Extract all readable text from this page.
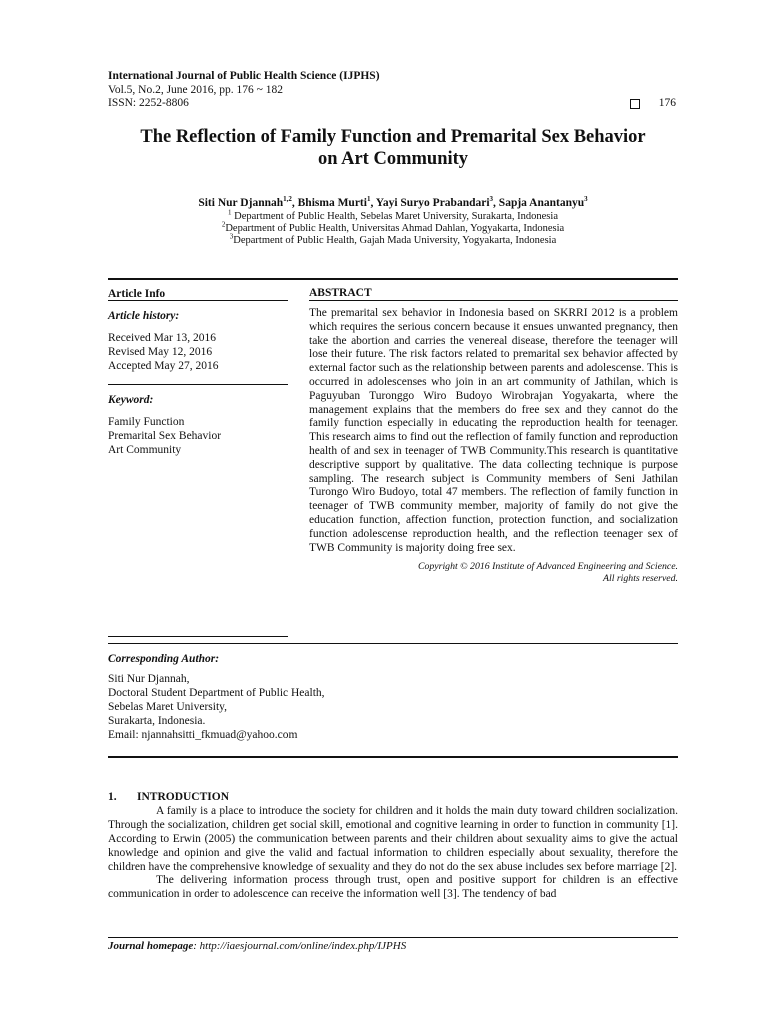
International Journal of Public Health Science (IJPHS)
Vol.5, No.2, June 2016, pp. 176 ~ 182
ISSN: 2252-8806	176
The Reflection of Family Function and Premarital Sex Behavior
on Art Community
Siti Nur Djannah$^{1,2}$, Bhisma Murti$^1$, Yayi Suryo Prabandari$^3$, Sapja Anantanyu$^3$
$^1$ Department of Public Health, Sebelas Maret University, Surakarta, Indonesia
$^2$Department of Public Health, Universitas Ahmad Dahlan, Yogyakarta, Indonesia
$^3$Department of Public Health, Gajah Mada University, Yogyakarta, Indonesia
Article Info
Article history:
Received Mar 13, 2016
Revised May 12, 2016
Accepted May 27, 2016
Keyword:
Family Function
Premarital Sex Behavior
Art Community
ABSTRACT
The premarital sex behavior in Indonesia based on SKRRI 2012 is a problem which requires the serious concern because it ensues unwanted pregnancy, then take the abortion and carries the venereal disease, therefore the teenager will lose their future. The risk factors related to premarital sex behavior affected by external factor such as the relationship between parents and adolescense. This is occurred in adolescenses who join in an art community of Jathilan, which is Paguyuban Turonggo Wiro Budoyo Wirobrajan Yogyakarta, where the management explains that the members do free sex and they cannot do the family function especially in educating the reproduction health for teenager. This research aims to find out the reflection of family function and reproduction health of and sex in teenager of TWB Community.This research is quantitative descriptive support by qualitative. The data collecting technique is purpose sampling. The research subject is Community members of Seni Jathilan Turongo Wiro Budoyo, total 47 members. The reflection of family function in teenager of TWB community member, majority of family do not give the education function, affection function, protection function, and socialization function adolescense reproduction health, and the reflection teenager sex of TWB Community is majority doing free sex.
Copyright © 2016 Institute of Advanced Engineering and Science.
All rights reserved.

Corresponding Author:

Siti Nur Djannah,

Doctoral Student Department of Public Health,

Sebelas Maret University,

Surakarta, Indonesia.

Email: njannahsitti_fkmuad@yahoo.com

1. INTRODUCTION

A family is a place to introduce the society for children and it holds the main duty toward children socialization. Through the socialization, children get social skill, emotional and cognitive learning in order to function in community [1]. According to Erwin (2005) the communication between parents and their children about sexuality aims to give the actual knowledge and opinion and give the valid and factual information to children especially about sexuality, therefore the children have the comprehensive knowledge of sexuality and they do not do the sex abuse includes sex before marriage [2].

The delivering information process through trust, open and positive support for children is an effective communication in order to adolescence can receive the information well [3]. The tendency of bad

Journal homepage: http://iaesjournal.com/online/index.php/IJPHS
